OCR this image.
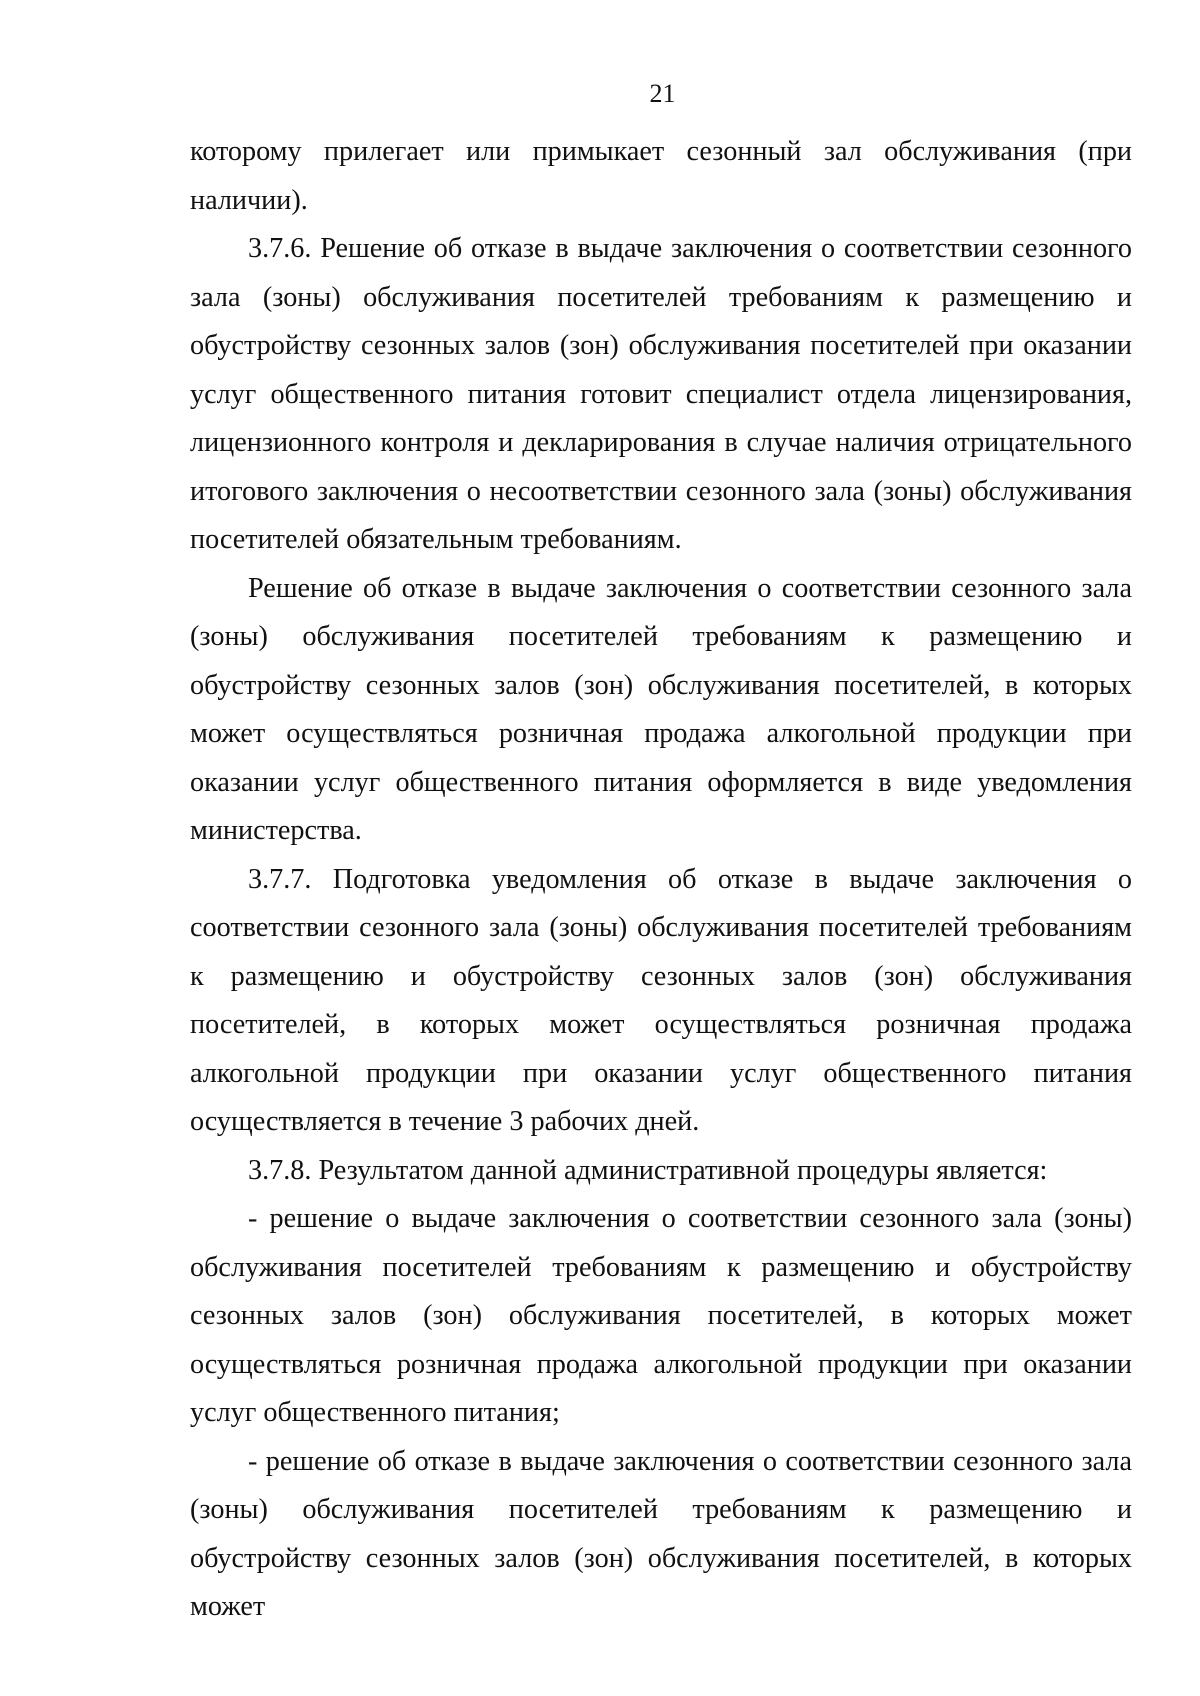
21

которому прилегает или примыкает сезонный зал обслуживания (при наличии).

3.7.6. Решение об отказе в выдаче заключения о соответствии сезонного зала (зоны) обслуживания посетителей требованиям к размещению и обустройству сезонных залов (зон) обслуживания посетителей при оказании услуг общественного питания готовит специалист отдела лицензирования, лицензионного контроля и декларирования в случае наличия отрицательного итогового заключения о несоответствии сезонного зала (зоны) обслуживания посетителей обязательным требованиям.

Решение об отказе в выдаче заключения о соответствии сезонного зала (зоны) обслуживания посетителей требованиям к размещению и обустройству сезонных залов (зон) обслуживания посетителей, в которых может осуществляться розничная продажа алкогольной продукции при оказании услуг общественного питания оформляется в виде уведомления министерства.

3.7.7. Подготовка уведомления об отказе в выдаче заключения о соответствии сезонного зала (зоны) обслуживания посетителей требованиям к размещению и обустройству сезонных залов (зон) обслуживания посетителей, в которых может осуществляться розничная продажа алкогольной продукции при оказании услуг общественного питания осуществляется в течение 3 рабочих дней.

3.7.8. Результатом данной административной процедуры является:

- решение о выдаче заключения о соответствии сезонного зала (зоны) обслуживания посетителей требованиям к размещению и обустройству сезонных залов (зон) обслуживания посетителей, в которых может осуществляться розничная продажа алкогольной продукции при оказании услуг общественного питания;

- решение об отказе в выдаче заключения о соответствии сезонного зала (зоны) обслуживания посетителей требованиям к размещению и обустройству сезонных залов (зон) обслуживания посетителей, в которых может
